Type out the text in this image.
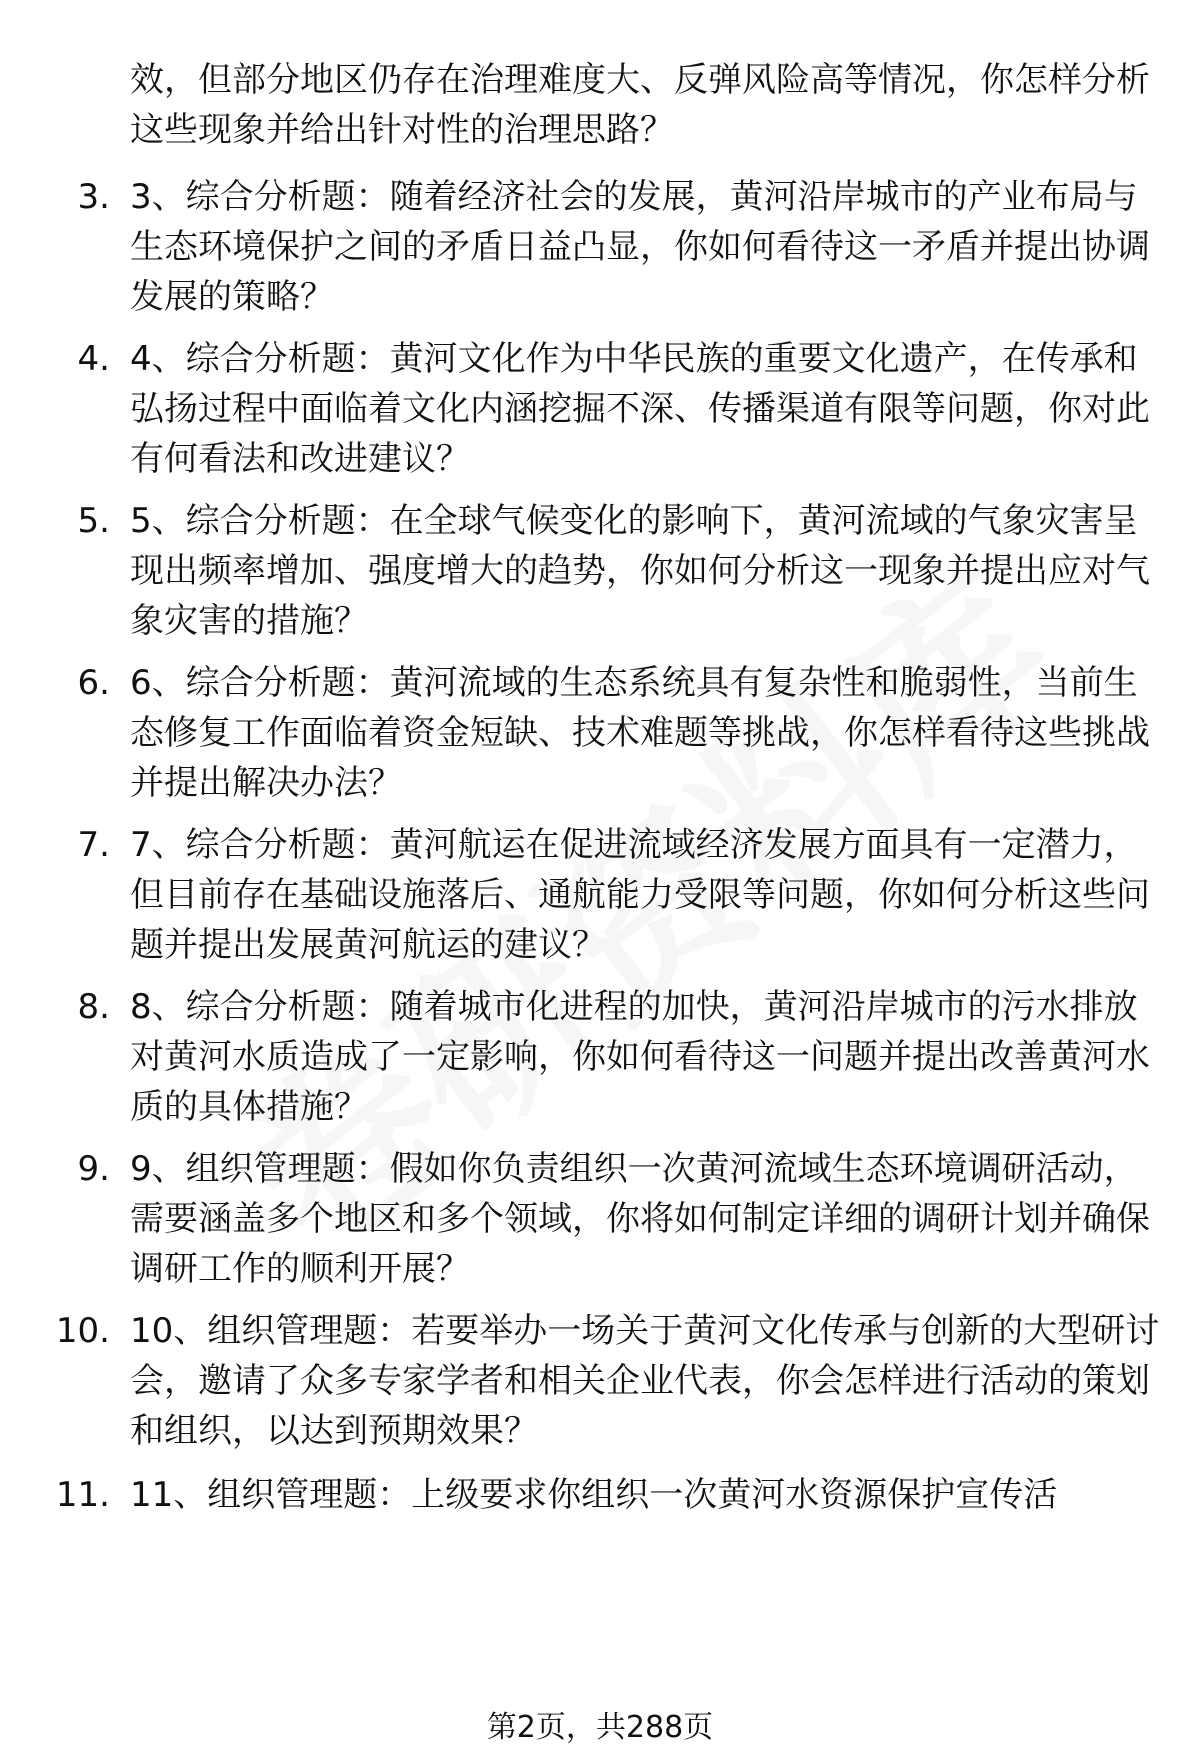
效，但部分地区仍存在治理难度大、反弹风险高等情况，你怎样分析这些现象并给出针对性的治理思路？

3. 3、综合分析题：随着经济社会的发展，黄河沿岸城市的产业布局与生态环境保护之间的矛盾日益凸显，你如何看待这一矛盾并提出协调发展的策略？

4. 4、综合分析题：黄河文化作为中华民族的重要文化遗产，在传承和弘扬过程中面临着文化内涵挖掘不深、传播渠道有限等问题，你对此有何看法和改进建议？

5. 5、综合分析题：在全球气候变化的影响下，黄河流域的气象灾害呈现出频率增加、强度增大的趋势，你如何分析这一现象并提出应对气象灾害的措施？

6. 6、综合分析题：黄河流域的生态系统具有复杂性和脆弱性，当前生态修复工作面临着资金短缺、技术难题等挑战，你怎样看待这些挑战并提出解决办法？

7. 7、综合分析题：黄河航运在促进流域经济发展方面具有一定潜力，但目前存在基础设施落后、通航能力受限等问题，你如何分析这些问题并提出发展黄河航运的建议？

8. 8、综合分析题：随着城市化进程的加快，黄河沿岸城市的污水排放对黄河水质造成了一定影响，你如何看待这一问题并提出改善黄河水质的具体措施？

9. 9、组织管理题：假如你负责组织一次黄河流域生态环境调研活动，需要涵盖多个地区和多个领域，你将如何制定详细的调研计划并确保调研工作的顺利开展？

10. 10、组织管理题：若要举办一场关于黄河文化传承与创新的大型研讨会，邀请了众多专家学者和相关企业代表，你会怎样进行活动的策划和组织，以达到预期效果？

11. 11、组织管理题：上级要求你组织一次黄河水资源保护宣传活

第2页，共288页
